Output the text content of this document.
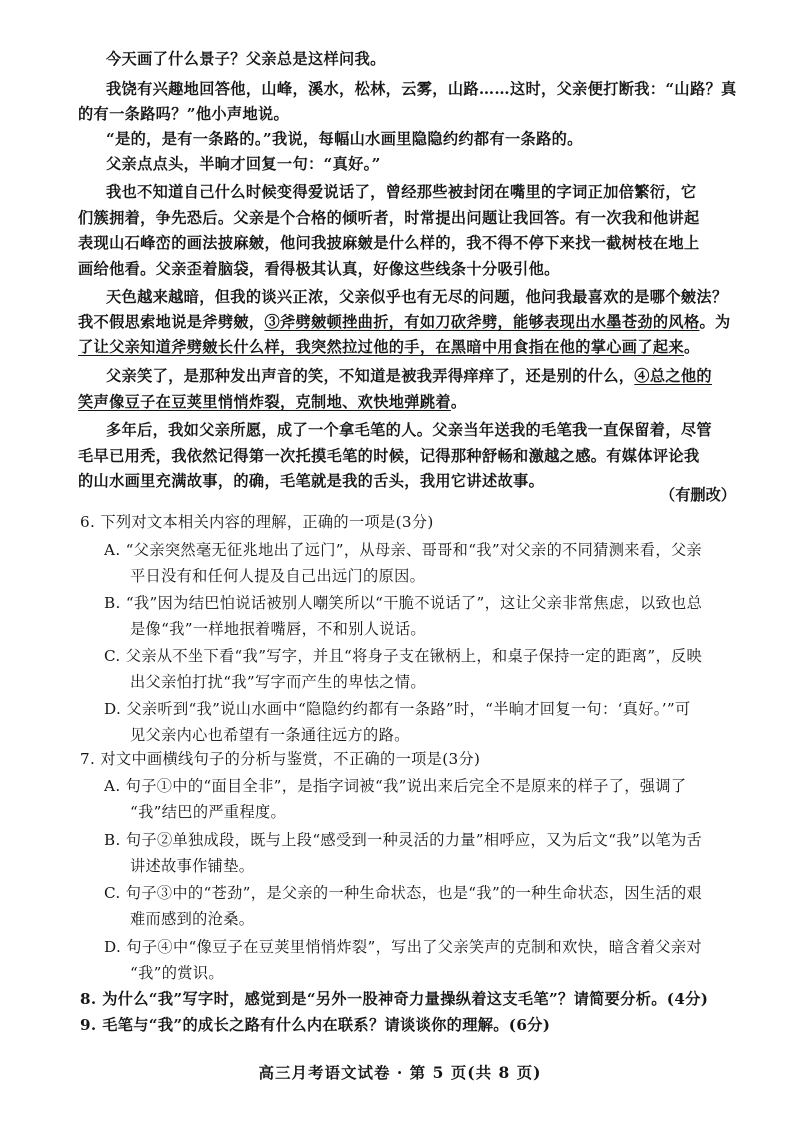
今天画了什么景子？父亲总是这样问我。
我饶有兴趣地回答他，山峰，溪水，松林，云雾，山路……这时，父亲便打断我：“山路？真
的有一条路吗？”他小声地说。
“是的，是有一条路的。”我说，每幅山水画里隐隐约约都有一条路的。
父亲点点头，半晌才回复一句：“真好。”
我也不知道自己什么时候变得爱说话了，曾经那些被封闭在嘴里的字词正加倍繁衍，它
们簇拥着，争先恐后。父亲是个合格的倾听者，时常提出问题让我回答。有一次我和他讲起
表现山石峰峦的画法披麻皴，他问我披麻皴是什么样的，我不得不停下来找一截树枝在地上
画给他看。父亲歪着脑袋，看得极其认真，好像这些线条十分吸引他。
天色越来越暗，但我的谈兴正浓，父亲似乎也有无尽的问题，他问我最喜欢的是哪个皴法？
我不假思索地说是斧劈皴，③斧劈皴顿挫曲折，有如刀砍斧劈，能够表现出水墨苍劲的风格。为
了让父亲知道斧劈皴长什么样，我突然拉过他的手，在黑暗中用食指在他的掌心画了起来。
父亲笑了，是那种发出声音的笑，不知道是被我弄得痒痒了，还是别的什么，④总之他的
笑声像豆子在豆荚里悄悄炸裂，克制地、欢快地弹跳着。
多年后，我如父亲所愿，成了一个拿毛笔的人。父亲当年送我的毛笔我一直保留着，尽管
毛早已用秃，我依然记得第一次托摸毛笔的时候，记得那种舒畅和激越之感。有媒体评论我
的山水画里充满故事，的确，毛笔就是我的舌头，我用它讲述故事。
（有删改）
6. 下列对文本相关内容的理解，正确的一项是(3分)
A. “父亲突然毫无征兆地出了远门”，从母亲、哥哥和“我”对父亲的不同猜测来看，父亲
平日没有和任何人提及自己出远门的原因。
B. “我”因为结巴怕说话被别人嘲笑所以“干脆不说话了”，这让父亲非常焦虑，以致也总
是像“我”一样地抿着嘴唇，不和别人说话。
C. 父亲从不坐下看“我”写字，并且“将身子支在锹柄上，和桌子保持一定的距离”，反映
出父亲怕打扰“我”写字而产生的卑怯之情。
D. 父亲听到“我”说山水画中“隐隐约约都有一条路”时，“半晌才回复一句：‘真好。’”可
见父亲内心也希望有一条通往远方的路。
7. 对文中画横线句子的分析与鉴赏，不正确的一项是(3分)
A. 句子①中的“面目全非”，是指字词被“我”说出来后完全不是原来的样子了，强调了
“我”结巴的严重程度。
B. 句子②单独成段，既与上段“感受到一种灵活的力量”相呼应，又为后文“我”以笔为舌
讲述故事作铺垫。
C. 句子③中的“苍劲”，是父亲的一种生命状态，也是“我”的一种生命状态，因生活的艰
难而感到的沧桑。
D. 句子④中“像豆子在豆荚里悄悄炸裂”，写出了父亲笑声的克制和欢快，暗含着父亲对
“我”的赏识。
8. 为什么“我”写字时，感觉到是“另外一股神奇力量操纵着这支毛笔”？请简要分析。(4分)
9. 毛笔与“我”的成长之路有什么内在联系？请谈谈你的理解。(6分)
高三月考语文试卷 · 第 5 页(共 8 页)
